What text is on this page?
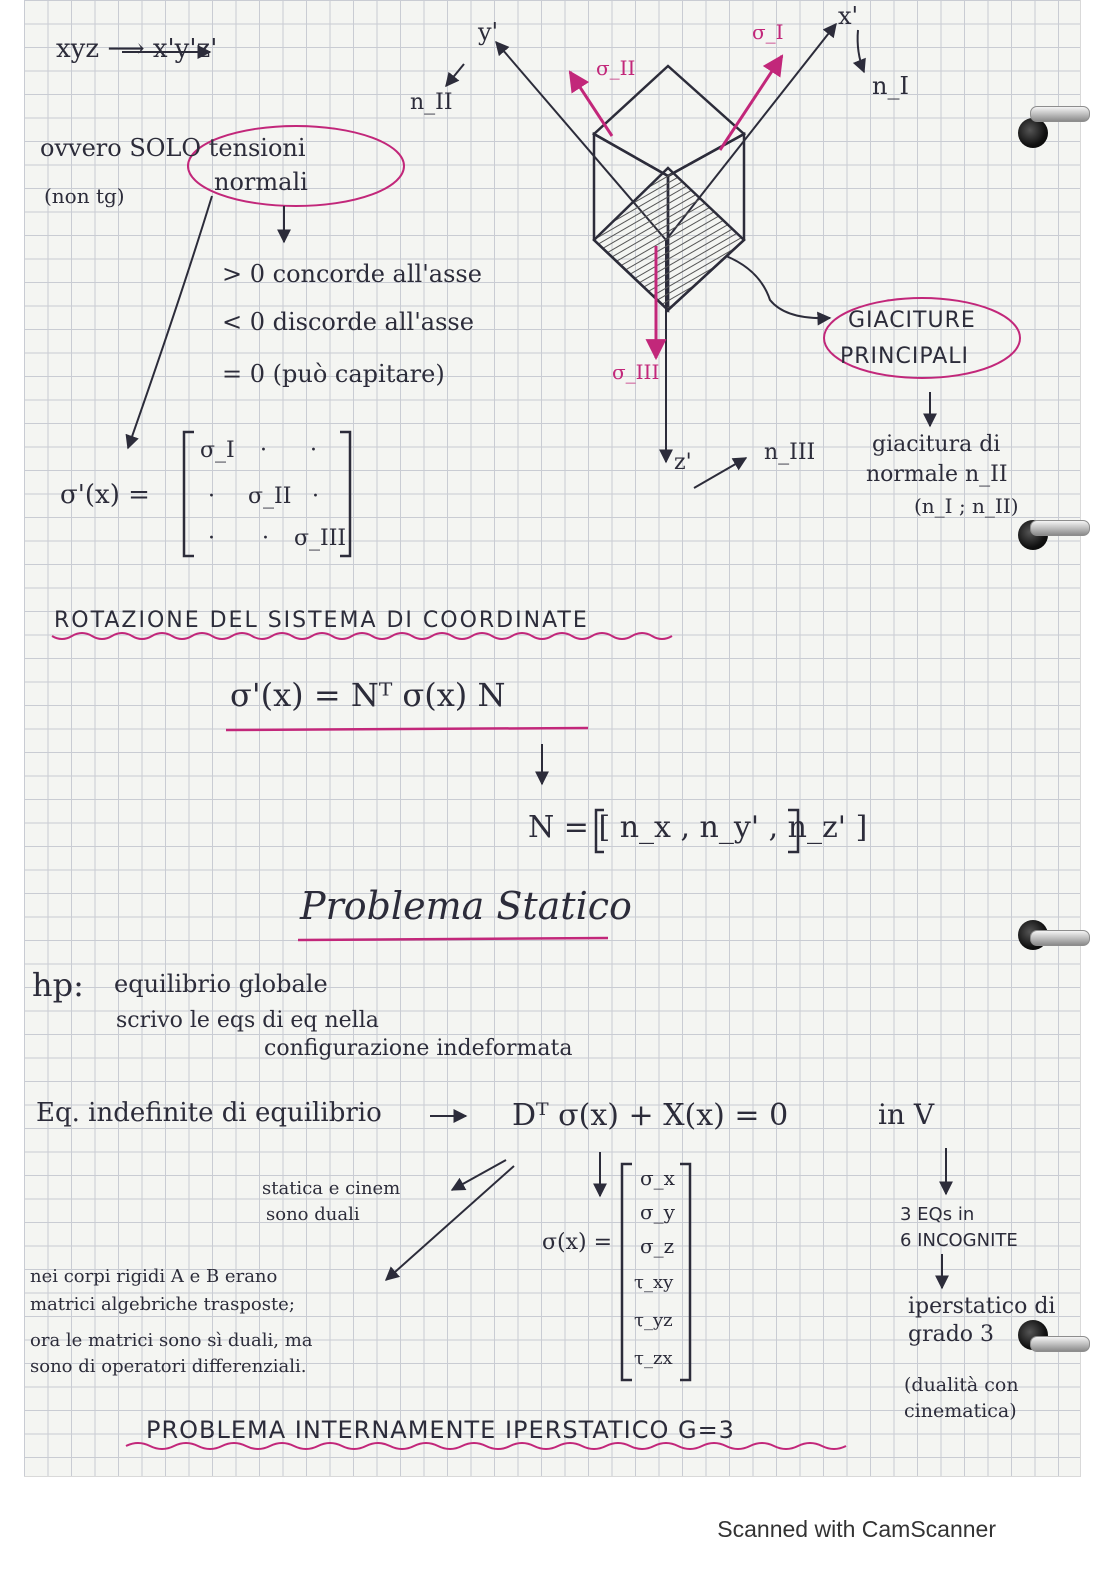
xyz ⟶ x'y'z'
y'
x'
n_I
n_II
σ_II
σ_I
σ_III
z'	n_III
ovvero SOLO tensioni
normali
(non tg)
> 0 concorde all'asse
< 0 discorde all'asse
= 0 (può capitare)
GIACITURE
PRINCIPALI
giacitura di
normale n_II
(n_I ; n_II)
σ'(x) =
σ_I · ·
· σ_II ·
· · σ_III
ROTAZIONE DEL SISTEMA DI COORDINATE
σ'(x) = Nᵀ σ(x) N
N = [ n_x , n_y' , n_z' ]
Problema Statico
hp: equilibrio globale
scrivo le eqs di eq nella
configurazione indeformata
Eq. indefinite di equilibrio	Dᵀ σ(x) + X(x) = 0	in V
statica e cinem
sono duali
nei corpi rigidi A e B erano
matrici algebriche trasposte;
ora le matrici sono sì duali, ma
sono di operatori differenziali.
σ(x) =
σ_x
σ_y
σ_z
τ_xy
τ_yz
τ_zx
3 EQs in
6 INCOGNITE
iperstatico di
grado 3
(dualità con
cinematica)
PROBLEMA INTERNAMENTE IPERSTATICO G=3
Scanned with CamScanner
